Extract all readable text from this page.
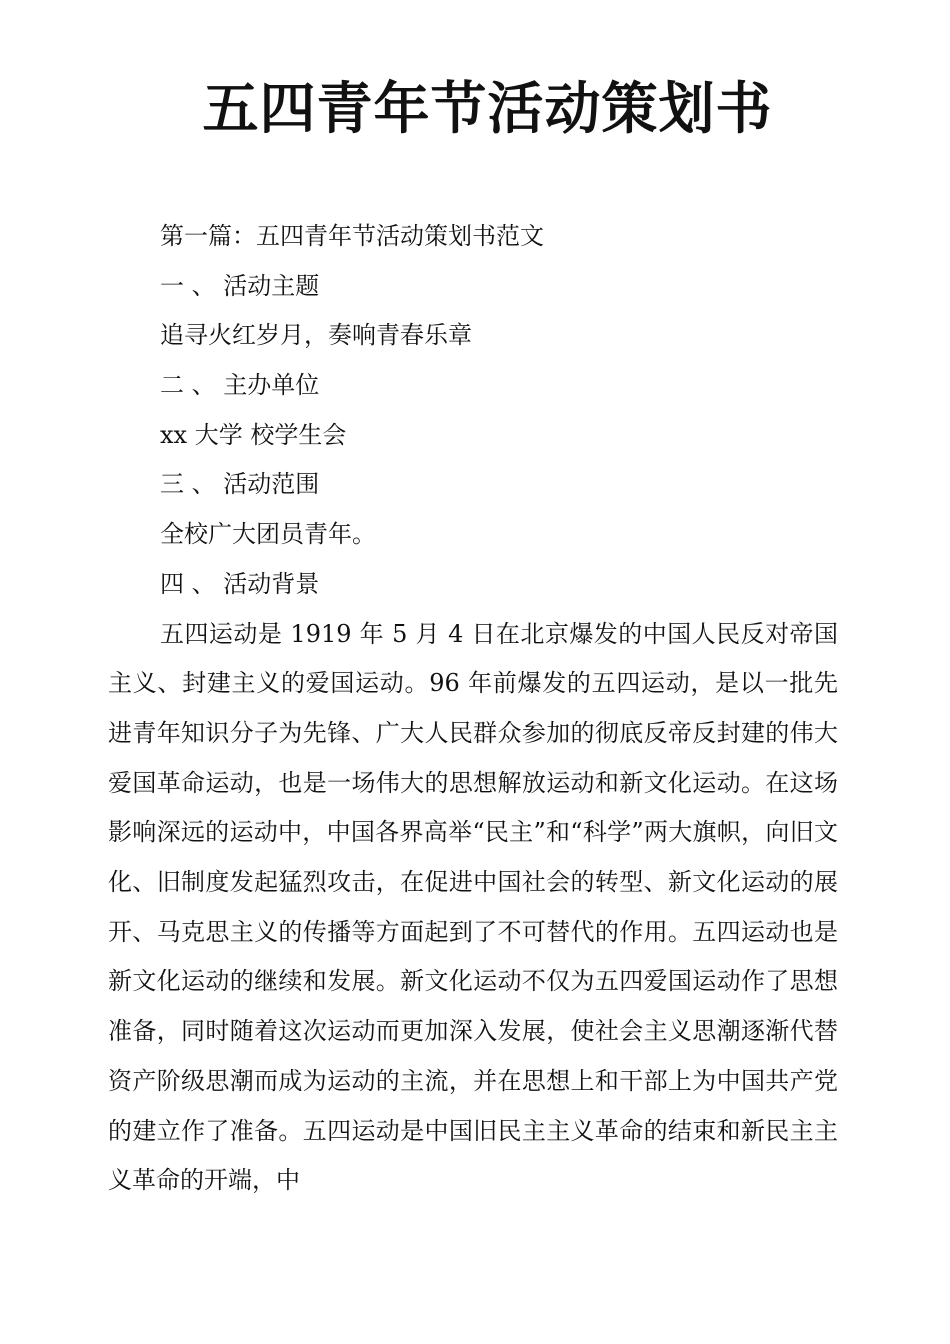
五四青年节活动策划书
第一篇：五四青年节活动策划书范文
一 、 活动主题
追寻火红岁月，奏响青春乐章
二 、 主办单位
xx 大学 校学生会
三 、 活动范围
全校广大团员青年。
四 、 活动背景

五四运动是 1919 年 5 月 4 日在北京爆发的中国人民反对帝国主义、封建主义的爱国运动。96 年前爆发的五四运动，是以一批先进青年知识分子为先锋、广大人民群众参加的彻底反帝反封建的伟大爱国革命运动，也是一场伟大的思想解放运动和新文化运动。在这场影响深远的运动中，中国各界高举“民主”和“科学”两大旗帜，向旧文化、旧制度发起猛烈攻击，在促进中国社会的转型、新文化运动的展开、马克思主义的传播等方面起到了不可替代的作用。五四运动也是新文化运动的继续和发展。新文化运动不仅为五四爱国运动作了思想准备，同时随着这次运动而更加深入发展，使社会主义思潮逐渐代替资产阶级思潮而成为运动的主流，并在思想上和干部上为中国共产党的建立作了准备。五四运动是中国旧民主主义革命的结束和新民主主义革命的开端，中
